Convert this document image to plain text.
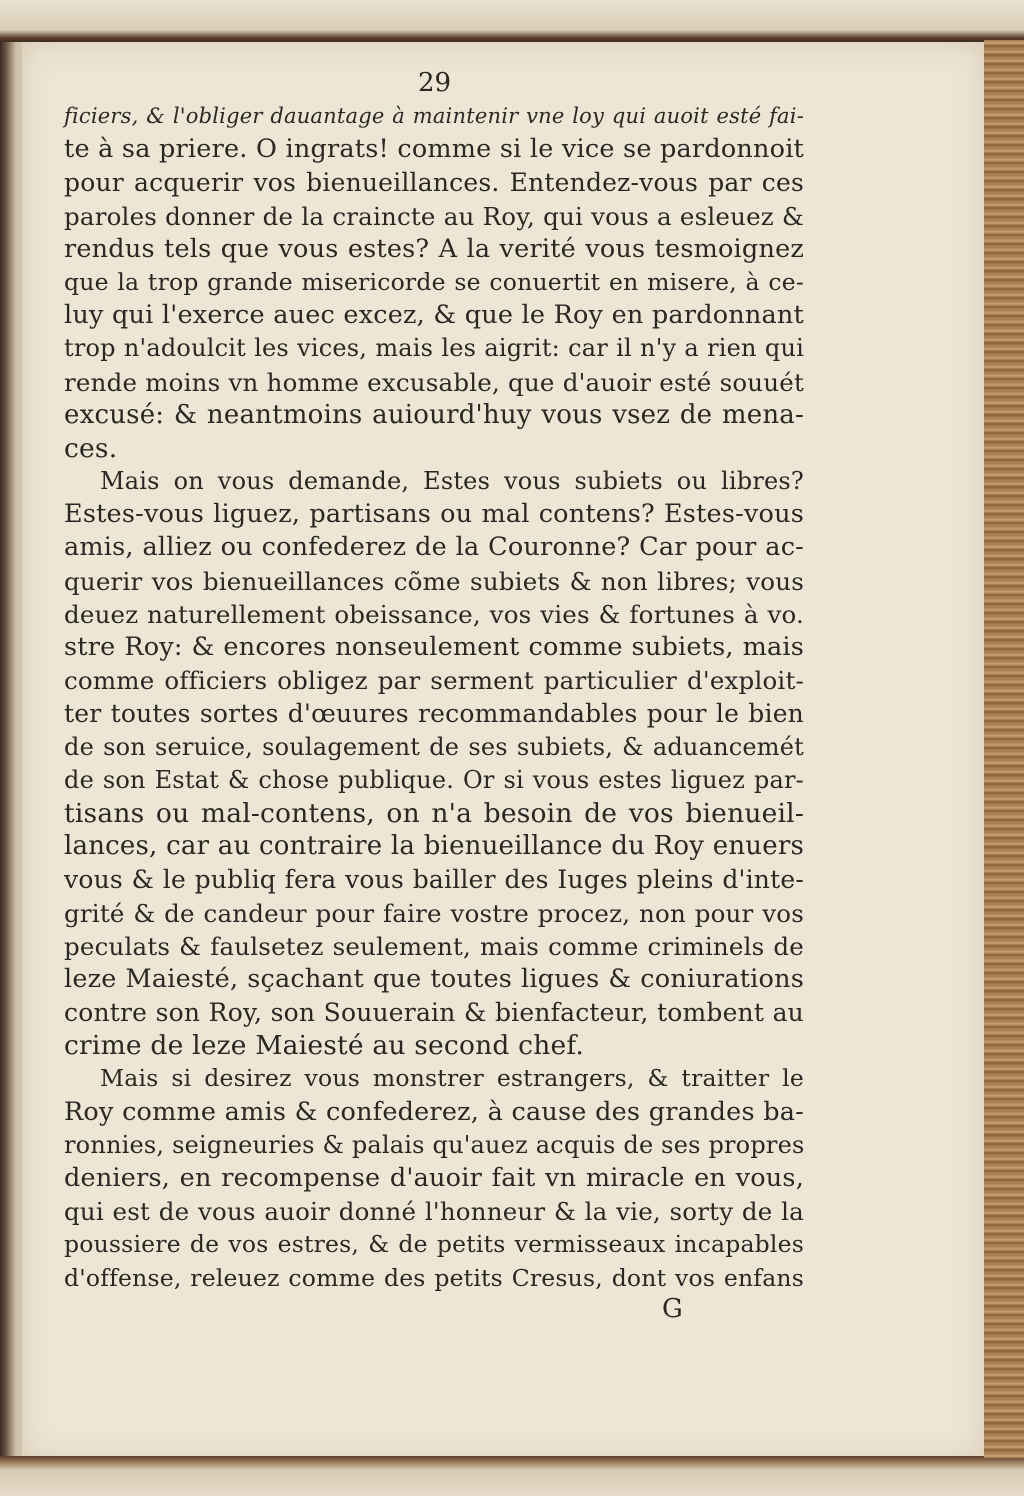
29
ficiers, & l'obliger dauantage à maintenir vne loy qui auoit esté fai-
te à sa priere. O ingrats! comme si le vice se pardonnoit
pour acquerir vos bienueillances. Entendez-vous par ces
paroles donner de la craincte au Roy, qui vous a esleuez &
rendus tels que vous estes? A la verité vous tesmoignez
que la trop grande misericorde se conuertit en misere, à ce-
luy qui l'exerce auec excez, & que le Roy en pardonnant
trop n'adoulcit les vices, mais les aigrit: car il n'y a rien qui
rende moins vn homme excusable, que d'auoir esté souuét
excusé: & neantmoins auiourd'huy vous vsez de mena-
ces.
Mais on vous demande, Estes vous subiets ou libres?
Estes-vous liguez, partisans ou mal contens? Estes-vous
amis, alliez ou confederez de la Couronne? Car pour ac-
querir vos bienueillances cõme subiets & non libres; vous
deuez naturellement obeissance, vos vies & fortunes à vo.
stre Roy: & encores nonseulement comme subiets, mais
comme officiers obligez par serment particulier d'exploit-
ter toutes sortes d'œuures recommandables pour le bien
de son seruice, soulagement de ses subiets, & aduancemét
de son Estat & chose publique. Or si vous estes liguez par-
tisans ou mal-contens, on n'a besoin de vos bienueil-
lances, car au contraire la bienueillance du Roy enuers
vous & le publiq fera vous bailler des Iuges pleins d'inte-
grité & de candeur pour faire vostre procez, non pour vos
peculats & faulsetez seulement, mais comme criminels de
leze Maiesté, sçachant que toutes ligues & coniurations
contre son Roy, son Souuerain & bienfacteur, tombent au
crime de leze Maiesté au second chef.
Mais si desirez vous monstrer estrangers, & traitter le
Roy comme amis & confederez, à cause des grandes ba-
ronnies, seigneuries & palais qu'auez acquis de ses propres
deniers, en recompense d'auoir fait vn miracle en vous,
qui est de vous auoir donné l'honneur & la vie, sorty de la
poussiere de vos estres, & de petits vermisseaux incapables
d'offense, releuez comme des petits Cresus, dont vos enfans
G
